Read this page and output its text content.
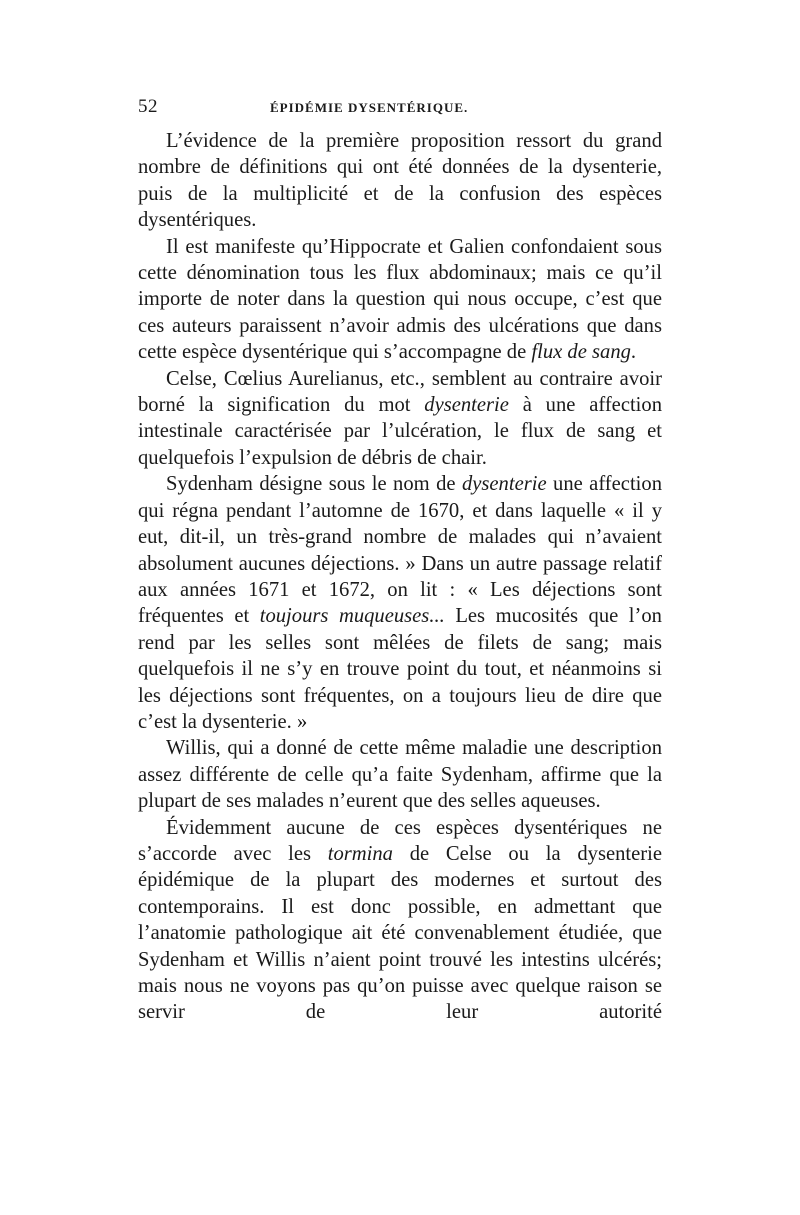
52	ÉPIDÉMIE DYSENTÉRIQUE.

L’évidence de la première proposition ressort du grand nombre de définitions qui ont été données de la dysenterie, puis de la multiplicité et de la confusion des espèces dysentériques.

Il est manifeste qu’Hippocrate et Galien confondaient sous cette dénomination tous les flux abdominaux; mais ce qu’il importe de noter dans la question qui nous occupe, c’est que ces auteurs paraissent n’avoir admis des ulcérations que dans cette espèce dysentérique qui s’accompagne de flux de sang.

Celse, Cœlius Aurelianus, etc., semblent au contraire avoir borné la signification du mot dysenterie à une affection intestinale caractérisée par l’ulcération, le flux de sang et quelquefois l’expulsion de débris de chair.

Sydenham désigne sous le nom de dysenterie une affection qui régna pendant l’automne de 1670, et dans laquelle « il y eut, dit-il, un très-grand nombre de malades qui n’avaient absolument aucunes déjections. » Dans un autre passage relatif aux années 1671 et 1672, on lit : « Les déjections sont fréquentes et toujours muqueuses... Les mucosités que l’on rend par les selles sont mêlées de filets de sang; mais quelquefois il ne s’y en trouve point du tout, et néanmoins si les déjections sont fréquentes, on a toujours lieu de dire que c’est la dysenterie. »

Willis, qui a donné de cette même maladie une description assez différente de celle qu’a faite Sydenham, affirme que la plupart de ses malades n’eurent que des selles aqueuses.

Évidemment aucune de ces espèces dysentériques ne s’accorde avec les tormina de Celse ou la dysenterie épidémique de la plupart des modernes et surtout des contemporains. Il est donc possible, en admettant que l’anatomie pathologique ait été convenablement étudiée, que Sydenham et Willis n’aient point trouvé les intestins ulcérés; mais nous ne voyons pas qu’on puisse avec quelque raison se servir de leur autorité
